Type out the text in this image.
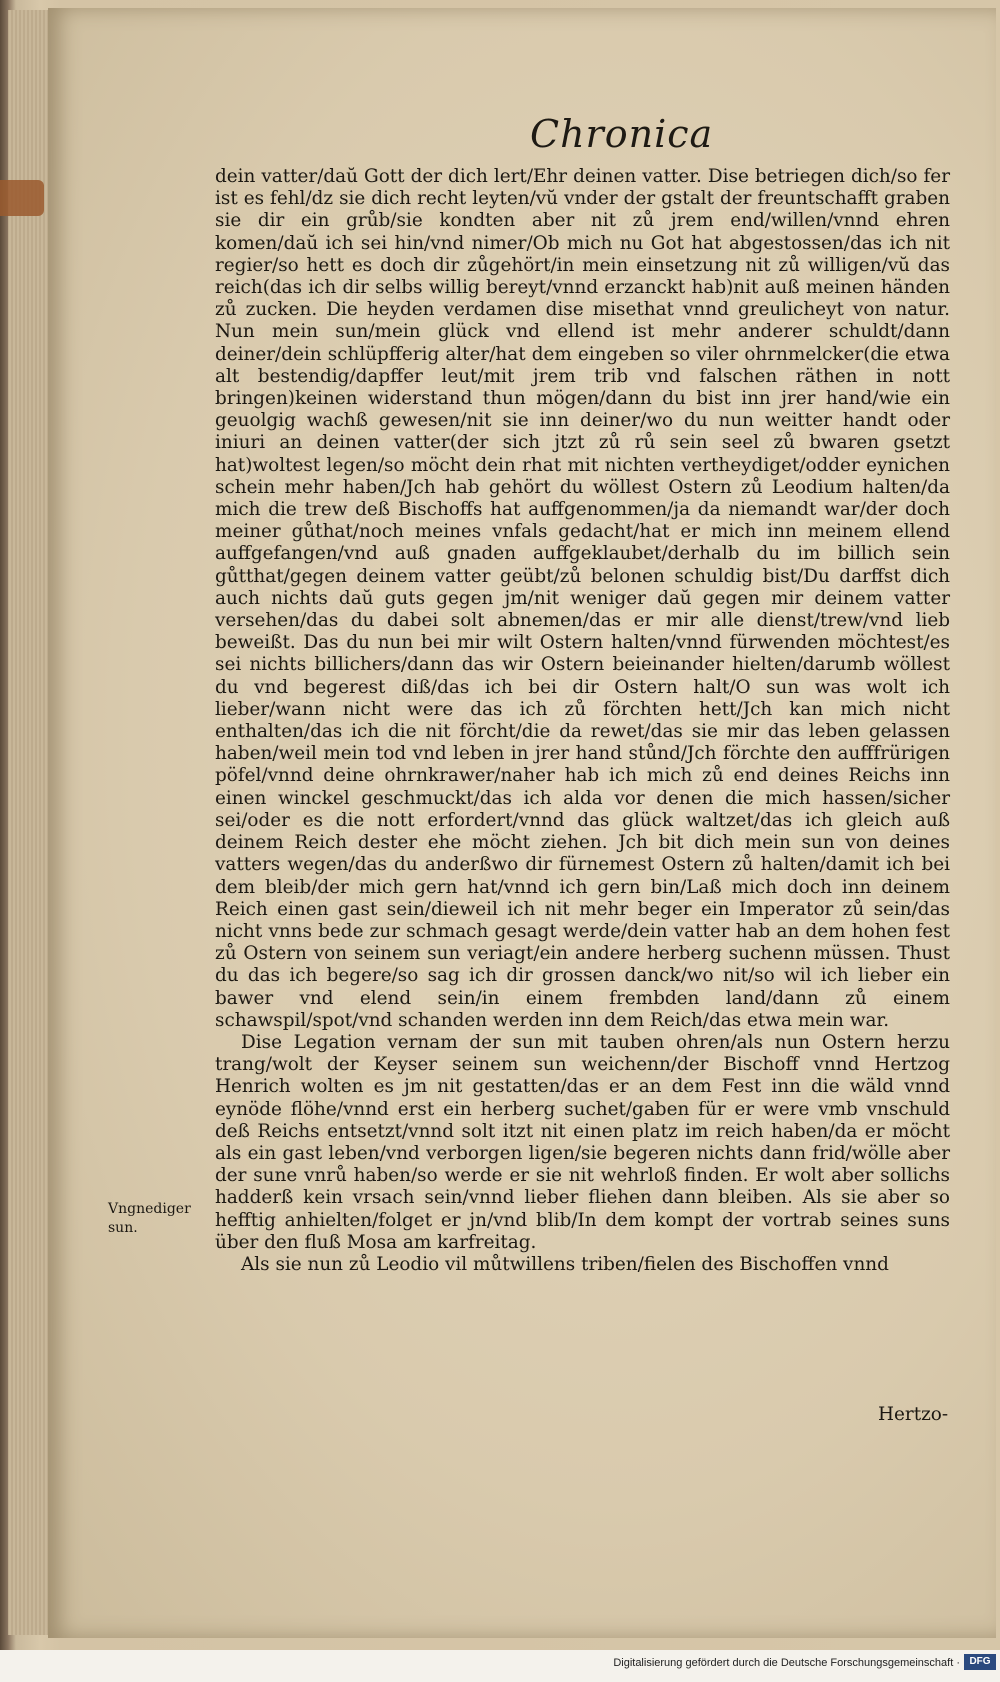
Chronica

dein vatter/daŭ Gott der dich lert/Ehr deinen vatter. Dise betriegen dich/so fer ist es fehl/dz sie dich recht leyten/vŭ vnder der gstalt der freuntschafft graben sie dir ein grůb/sie kondten aber nit zů jrem end/willen/vnnd ehren komen/daŭ ich sei hin/vnd nimer/Ob mich nu Got hat abgestossen/das ich nit regier/so hett es doch dir zůgehört/in mein einsetzung nit zů willigen/vŭ das reich(das ich dir selbs willig bereyt/vnnd erzanckt hab)nit auß meinen händen zů zucken. Die heyden verdamen dise misethat vnnd greulicheyt von natur. Nun mein sun/mein glück vnd ellend ist mehr anderer schuldt/dann deiner/dein schlüpfferig alter/hat dem eingeben so viler ohrnmelcker(die etwa alt bestendig/dapffer leut/mit jrem trib vnd falschen räthen in nott bringen)keinen widerstand thun mögen/dann du bist inn jrer hand/wie ein geuolgig wachß gewesen/nit sie inn deiner/wo du nun weitter handt oder iniuri an deinen vatter(der sich jtzt zů rů sein seel zů bwaren gsetzt hat)woltest legen/so möcht dein rhat mit nichten vertheydiget/odder eynichen schein mehr haben/Jch hab gehört du wöllest Ostern zů Leodium halten/da mich die trew deß Bischoffs hat auffgenommen/ja da niemandt war/der doch meiner gůthat/noch meines vnfals gedacht/hat er mich inn meinem ellend auffgefangen/vnd auß gnaden auffgeklaubet/derhalb du im billich sein gůtthat/gegen deinem vatter geübt/zů belonen schuldig bist/Du darffst dich auch nichts daŭ guts gegen jm/nit weniger daŭ gegen mir deinem vatter versehen/das du dabei solt abnemen/das er mir alle dienst/trew/vnd lieb beweißt. Das du nun bei mir wilt Ostern halten/vnnd fürwenden möchtest/es sei nichts billichers/dann das wir Ostern beieinander hielten/darumb wöllest du vnd begerest diß/das ich bei dir Ostern halt/O sun was wolt ich lieber/wann nicht were das ich zů förchten hett/Jch kan mich nicht enthalten/das ich die nit förcht/die da rewet/das sie mir das leben gelassen haben/weil mein tod vnd leben in jrer hand stůnd/Jch förchte den aufffrürigen pöfel/vnnd deine ohrnkrawer/naher hab ich mich zů end deines Reichs inn einen winckel geschmuckt/das ich alda vor denen die mich hassen/sicher sei/oder es die nott erfordert/vnnd das glück waltzet/das ich gleich auß deinem Reich dester ehe möcht ziehen. Jch bit dich mein sun von deines vatters wegen/das du anderßwo dir fürnemest Ostern zů halten/damit ich bei dem bleib/der mich gern hat/vnnd ich gern bin/Laß mich doch inn deinem Reich einen gast sein/dieweil ich nit mehr beger ein Imperator zů sein/das nicht vnns bede zur schmach gesagt werde/dein vatter hab an dem hohen fest zů Ostern von seinem sun veriagt/ein andere herberg suchenn müssen. Thust du das ich begere/so sag ich dir grossen danck/wo nit/so wil ich lieber ein bawer vnd elend sein/in einem frembden land/dann zů einem schawspil/spot/vnd schanden werden inn dem Reich/das etwa mein war.

Dise Legation vernam der sun mit tauben ohren/als nun Ostern herzu trang/wolt der Keyser seinem sun weichenn/der Bischoff vnnd Hertzog Henrich wolten es jm nit gestatten/das er an dem Fest inn die wäld vnnd eynöde flöhe/vnnd erst ein herberg suchet/gaben für er were vmb vnschuld deß Reichs entsetzt/vnnd solt itzt nit einen platz im reich haben/da er möcht als ein gast leben/vnd verborgen ligen/sie begeren nichts dann frid/wölle aber der sune vnrů haben/so werde er sie nit wehrloß finden. Er wolt aber sollichs hadderß kein vrsach sein/vnnd lieber fliehen dann bleiben. Als sie aber so hefftig anhielten/folget er jn/vnd blib/In dem kompt der vortrab seines suns über den fluß Mosa am karfreitag.

Als sie nun zů Leodio vil můtwillens triben/fielen des Bischoffen vnnd

Hertzo-
Vngnediger sun.
Digitalisierung gefördert durch die Deutsche Forschungsgemeinschaft · DFG
